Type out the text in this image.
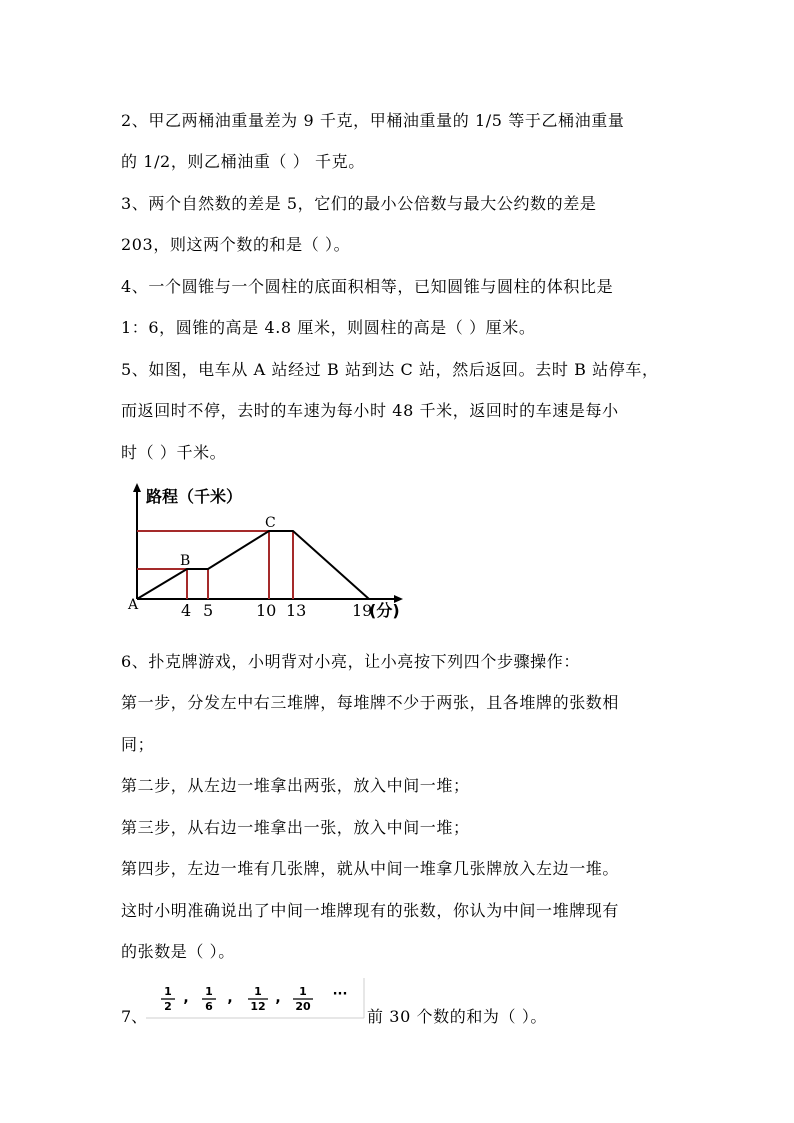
2、甲乙两桶油重量差为 9 千克，甲桶油重量的 1/5 等于乙桶油重量
的 1/2，则乙桶油重（ ） 千克。
3、两个自然数的差是 5，它们的最小公倍数与最大公约数的差是
203，则这两个数的和是（ ）。
4、一个圆锥与一个圆柱的底面积相等，已知圆锥与圆柱的体积比是
1：6，圆锥的高是 4.8 厘米，则圆柱的高是（ ）厘米。
5、如图，电车从 A 站经过 B 站到达 C 站，然后返回。去时 B 站停车，
而返回时不停，去时的车速为每小时 48 千米，返回时的车速是每小
时（ ）千米。
路程（千米）
A
B
C
4 5	10 13	19
(分)
6、扑克牌游戏，小明背对小亮，让小亮按下列四个步骤操作：
第一步，分发左中右三堆牌，每堆牌不少于两张，且各堆牌的张数相
同；
第二步，从左边一堆拿出两张，放入中间一堆；
第三步，从右边一堆拿出一张，放入中间一堆；
第四步，左边一堆有几张牌，就从中间一堆拿几张牌放入左边一堆。
这时小明准确说出了中间一堆牌现有的张数，你认为中间一堆牌现有
的张数是（ ）。
7、
1
2
, 1
6
, 1
12
, 1
20
···
前 30 个数的和为（ ）。
